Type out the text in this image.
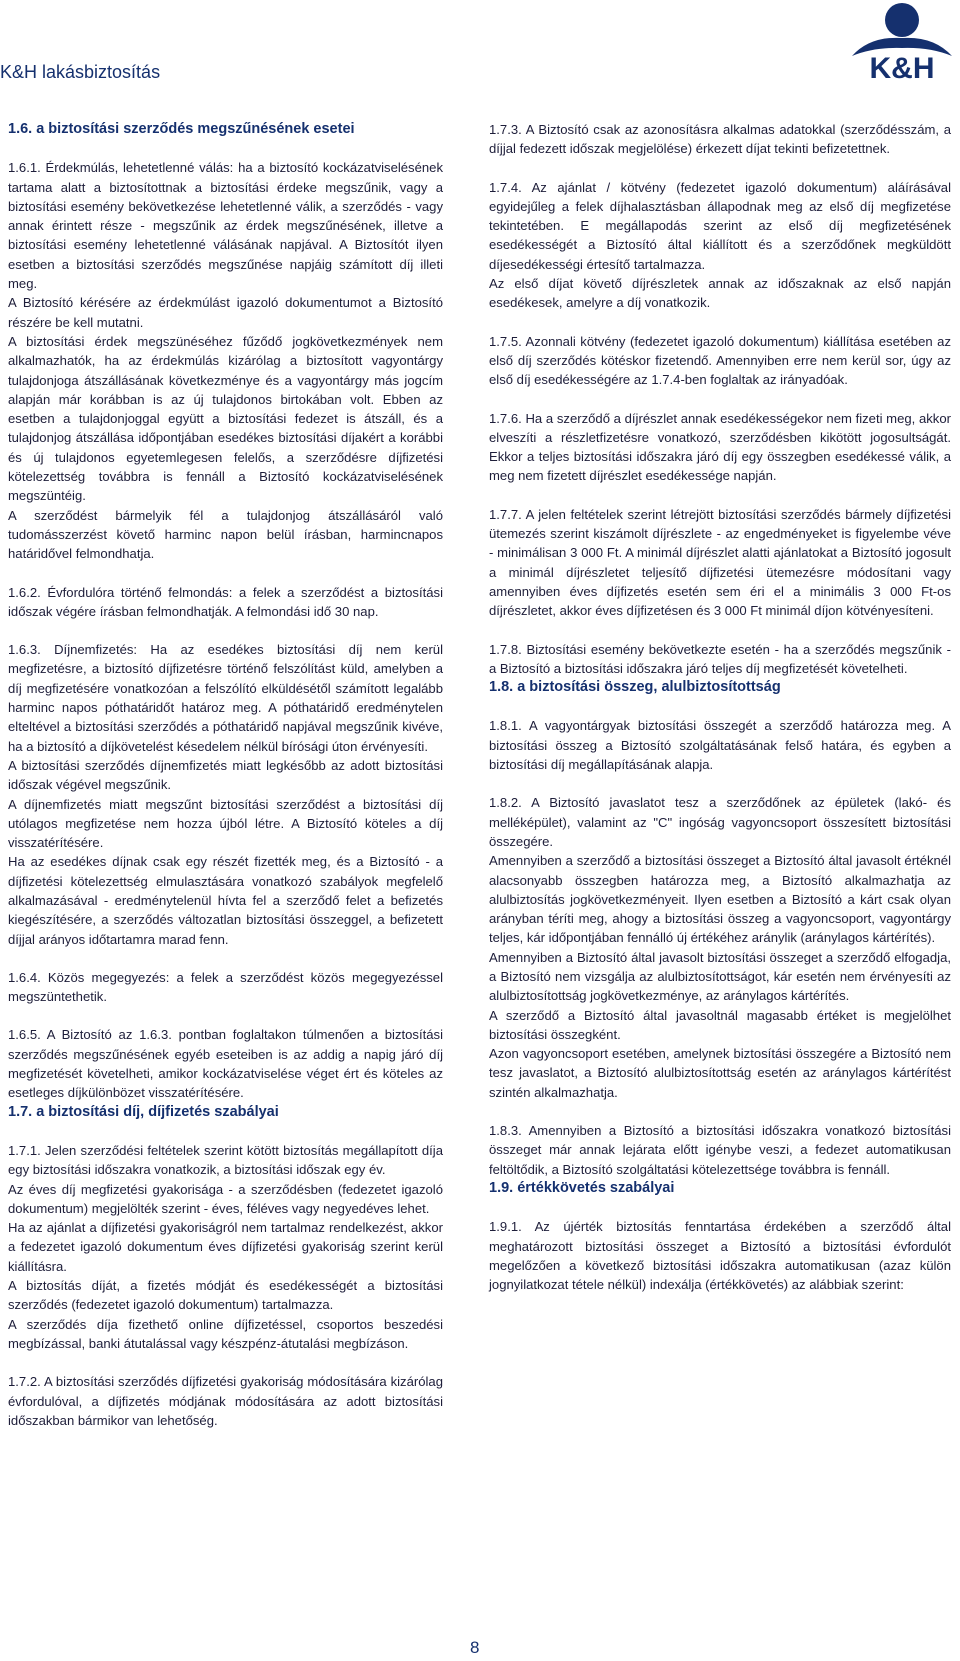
K&H lakásbiztosítás	K&H

1.6. a biztosítási szerződés megszűnésének esetei

1.6.1. Érdekmúlás, lehetetlenné válás: ha a biztosító kockázatviselésének tartama alatt a biztosítottnak a biztosítási érdeke megszűnik, vagy a biztosítási esemény bekövetkezése lehetetlenné válik, a szerződés - vagy annak érintett része - megszűnik az érdek megszűnésének, illetve a biztosítási esemény lehetetlenné válásának napjával. A Biztosítót ilyen esetben a biztosítási szerződés megszűnése napjáig számított díj illeti meg.

A Biztosító kérésére az érdekmúlást igazoló dokumentumot a Biztosító részére be kell mutatni.

A biztosítási érdek megszünéséhez fűződő jogkövetkezmények nem alkalmazhatók, ha az érdekmúlás kizárólag a biztosított vagyontárgy tulajdonjoga átszállásának következménye és a vagyontárgy más jogcím alapján már korábban is az új tulajdonos birtokában volt. Ebben az esetben a tulajdonjoggal együtt a biztosítási fedezet is átszáll, és a tulajdonjog átszállása időpontjában esedékes biztosítási díjakért a korábbi és új tulajdonos egyetemlegesen felelős, a szerződésre díjfizetési kötelezettség továbbra is fennáll a Biztosító kockázatviselésének megszüntéig.

A szerződést bármelyik fél a tulajdonjog átszállásáról való tudomásszerzést követő harminc napon belül írásban, harmincnapos határidővel felmondhatja.

1.6.2. Évfordulóra történő felmondás: a felek a szerződést a biztosítási időszak végére írásban felmondhatják. A felmondási idő 30 nap.

1.6.3. Díjnemfizetés: Ha az esedékes biztosítási díj nem kerül megfizetésre, a biztosító díjfizetésre történő felszólítást küld, amelyben a díj megfizetésére vonatkozóan a felszólító elküldésétől számított legalább harminc napos póthatáridőt határoz meg. A póthatáridő eredménytelen elteltével a biztosítási szerződés a póthatáridő napjával megszűnik kivéve, ha a biztosító a díjkövetelést késedelem nélkül bírósági úton érvényesíti.

A biztosítási szerződés díjnemfizetés miatt legkésőbb az adott biztosítási időszak végével megszűnik.

A díjnemfizetés miatt megszűnt biztosítási szerződést a biztosítási díj utólagos megfizetése nem hozza újból létre. A Biztosító köteles a díj visszatérítésére.

Ha az esedékes díjnak csak egy részét fizették meg, és a Biztosító - a díjfizetési kötelezettség elmulasztására vonatkozó szabályok megfelelő alkalmazásával - eredménytelenül hívta fel a szerződő felet a befizetés kiegészítésére, a szerződés változatlan biztosítási összeggel, a befizetett díjjal arányos időtartamra marad fenn.

1.6.4. Közös megegyezés: a felek a szerződést közös megegyezéssel megszüntethetik.

1.6.5. A Biztosító az 1.6.3. pontban foglaltakon túlmenően a biztosítási szerződés megszűnésének egyéb eseteiben is az addig a napig járó díj megfizetését követelheti, amikor kockázatviselése véget ért és köteles az esetleges díjkülönbözet visszatérítésére.

1.7. a biztosítási díj, díjfizetés szabályai

1.7.1. Jelen szerződési feltételek szerint kötött biztosítás megállapított díja egy biztosítási időszakra vonatkozik, a biztosítási időszak egy év.

Az éves díj megfizetési gyakorisága - a szerződésben (fedezetet igazoló dokumentum) megjelölték szerint - éves, féléves vagy negyedéves lehet.

Ha az ajánlat a díjfizetési gyakoriságról nem tartalmaz rendelkezést, akkor a fedezetet igazoló dokumentum éves díjfizetési gyakoriság szerint kerül kiállításra.

A biztosítás díját, a fizetés módját és esedékességét a biztosítási szerződés (fedezetet igazoló dokumentum) tartalmazza.

A szerződés díja fizethető online díjfizetéssel, csoportos beszedési megbízással, banki átutalással vagy készpénz-átutalási megbízáson.

1.7.2. A biztosítási szerződés díjfizetési gyakoriság módosítására kizárólag évfordulóval, a díjfizetés módjának módosítására az adott biztosítási időszakban bármikor van lehetőség.

1.7.3. A Biztosító csak az azonosításra alkalmas adatokkal (szerződésszám, a díjjal fedezett időszak megjelölése) érkezett díjat tekinti befizetettnek.

1.7.4. Az ajánlat / kötvény (fedezetet igazoló dokumentum) aláírásával egyidejűleg a felek díjhalasztásban állapodnak meg az első díj megfizetése tekintetében. E megállapodás szerint az első díj megfizetésének esedékességét a Biztosító által kiállított és a szerződőnek megküldött díjesedékességi értesítő tartalmazza.

Az első díjat követő díjrészletek annak az időszaknak az első napján esedékesek, amelyre a díj vonatkozik.

1.7.5. Azonnali kötvény (fedezetet igazoló dokumentum) kiállítása esetében az első díj szerződés kötéskor fizetendő. Amennyiben erre nem kerül sor, úgy az első díj esedékességére az 1.7.4-ben foglaltak az irányadóak.

1.7.6. Ha a szerződő a díjrészlet annak esedékességekor nem fizeti meg, akkor elveszíti a részletfizetésre vonatkozó, szerződésben kikötött jogosultságát. Ekkor a teljes biztosítási időszakra járó díj egy összegben esedékessé válik, a meg nem fizetett díjrészlet esedékessége napján.

1.7.7. A jelen feltételek szerint létrejött biztosítási szerződés bármely díjfizetési ütemezés szerint kiszámolt díjrészlete - az engedményeket is figyelembe véve - minimálisan 3 000 Ft. A minimál díjrészlet alatti ajánlatokat a Biztosító jogosult a minimál díjrészletet teljesítő díjfizetési ütemezésre módosítani vagy amennyiben éves díjfizetés esetén sem éri el a minimális 3 000 Ft-os díjrészletet, akkor éves díjfizetésen és 3 000 Ft minimál díjon kötvényesíteni.

1.7.8. Biztosítási esemény bekövetkezte esetén - ha a szerződés megszűnik - a Biztosító a biztosítási időszakra járó teljes díj megfizetését követelheti.

1.8. a biztosítási összeg, alulbiztosítottság

1.8.1. A vagyontárgyak biztosítási összegét a szerződő határozza meg. A biztosítási összeg a Biztosító szolgáltatásának felső határa, és egyben a biztosítási díj megállapításának alapja.

1.8.2. A Biztosító javaslatot tesz a szerződőnek az épületek (lakó- és melléképület), valamint az "C" ingóság vagyoncsoport összesített biztosítási összegére.

Amennyiben a szerződő a biztosítási összeget a Biztosító által javasolt értéknél alacsonyabb összegben határozza meg, a Biztosító alkalmazhatja az alulbiztosítás jogkövetkezményeit. Ilyen esetben a Biztosító a kárt csak olyan arányban téríti meg, ahogy a biztosítási összeg a vagyoncsoport, vagyontárgy teljes, kár időpontjában fennálló új értékéhez aránylik (aránylagos kártérítés).

Amennyiben a Biztosító által javasolt biztosítási összeget a szerződő elfogadja, a Biztosító nem vizsgálja az alulbiztosítottságot, kár esetén nem érvényesíti az alulbiztosítottság jogkövetkezménye, az aránylagos kártérítés.

A szerződő a Biztosító által javasoltnál magasabb értéket is megjelölhet biztosítási összegként.

Azon vagyoncsoport esetében, amelynek biztosítási összegére a Biztosító nem tesz javaslatot, a Biztosító alulbiztosítottság esetén az aránylagos kártérítést szintén alkalmazhatja.

1.8.3. Amennyiben a Biztosító a biztosítási időszakra vonatkozó biztosítási összeget már annak lejárata előtt igénybe veszi, a fedezet automatikusan feltöltődik, a Biztosító szolgáltatási kötelezettsége továbbra is fennáll.

1.9. értékkövetés szabályai

1.9.1. Az újérték biztosítás fenntartása érdekében a szerződő által meghatározott biztosítási összeget a Biztosító a biztosítási évfordulót megelőzően a következő biztosítási időszakra automatikusan (azaz külön jognyilatkozat tétele nélkül) indexálja (értékkövetés) az alábbiak szerint:

8
